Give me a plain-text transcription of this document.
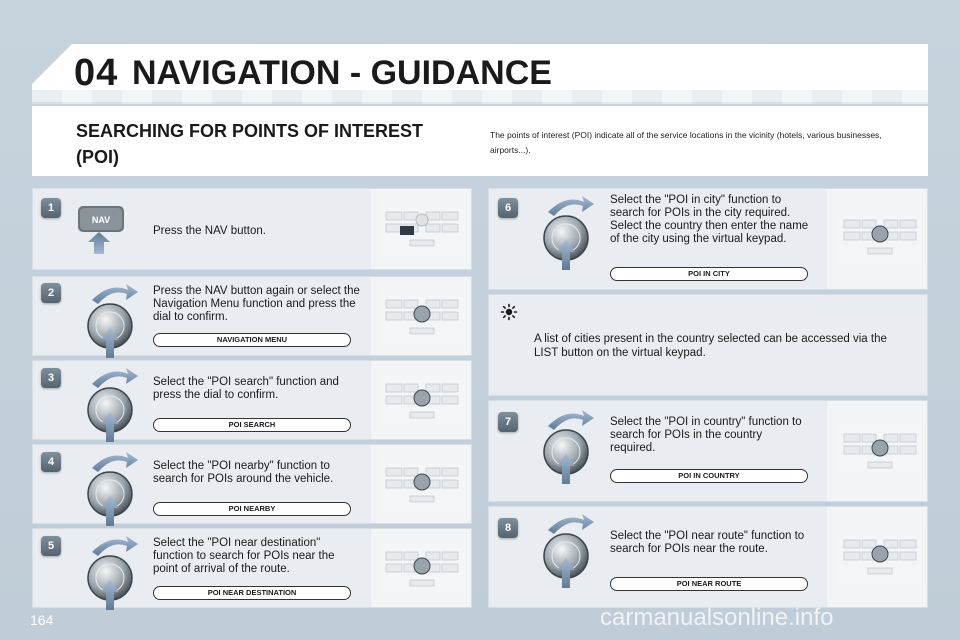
04 NAVIGATION - GUIDANCE
SEARCHING FOR POINTS OF INTEREST (POI)
The points of interest (POI) indicate all of the service locations in the vicinity (hotels, various businesses, airports...).
1
NAV
Press the NAV button.
2	Press the NAV button again or select the Navigation Menu function and press the dial to confirm.
NAVIGATION MENU
3	Select the "POI search" function and press the dial to confirm.
POI SEARCH
4	Select the "POI nearby" function to search for POIs around the vehicle.
POI NEARBY
5	Select the "POI near destination" function to search for POIs near the point of arrival of the route.
POI NEAR DESTINATION
6
Select the "POI in city" function to search for POIs in the city required. Select the country then enter the name of the city using the virtual keypad.
POI IN CITY
A list of cities present in the country selected can be accessed via the LIST button on the virtual keypad.
7	Select the "POI in country" function to search for POIs in the country required.
POI IN COUNTRY
8
Select the "POI near route" function to search for POIs near the route.
POI NEAR ROUTE
164	carmanualsonline.info
